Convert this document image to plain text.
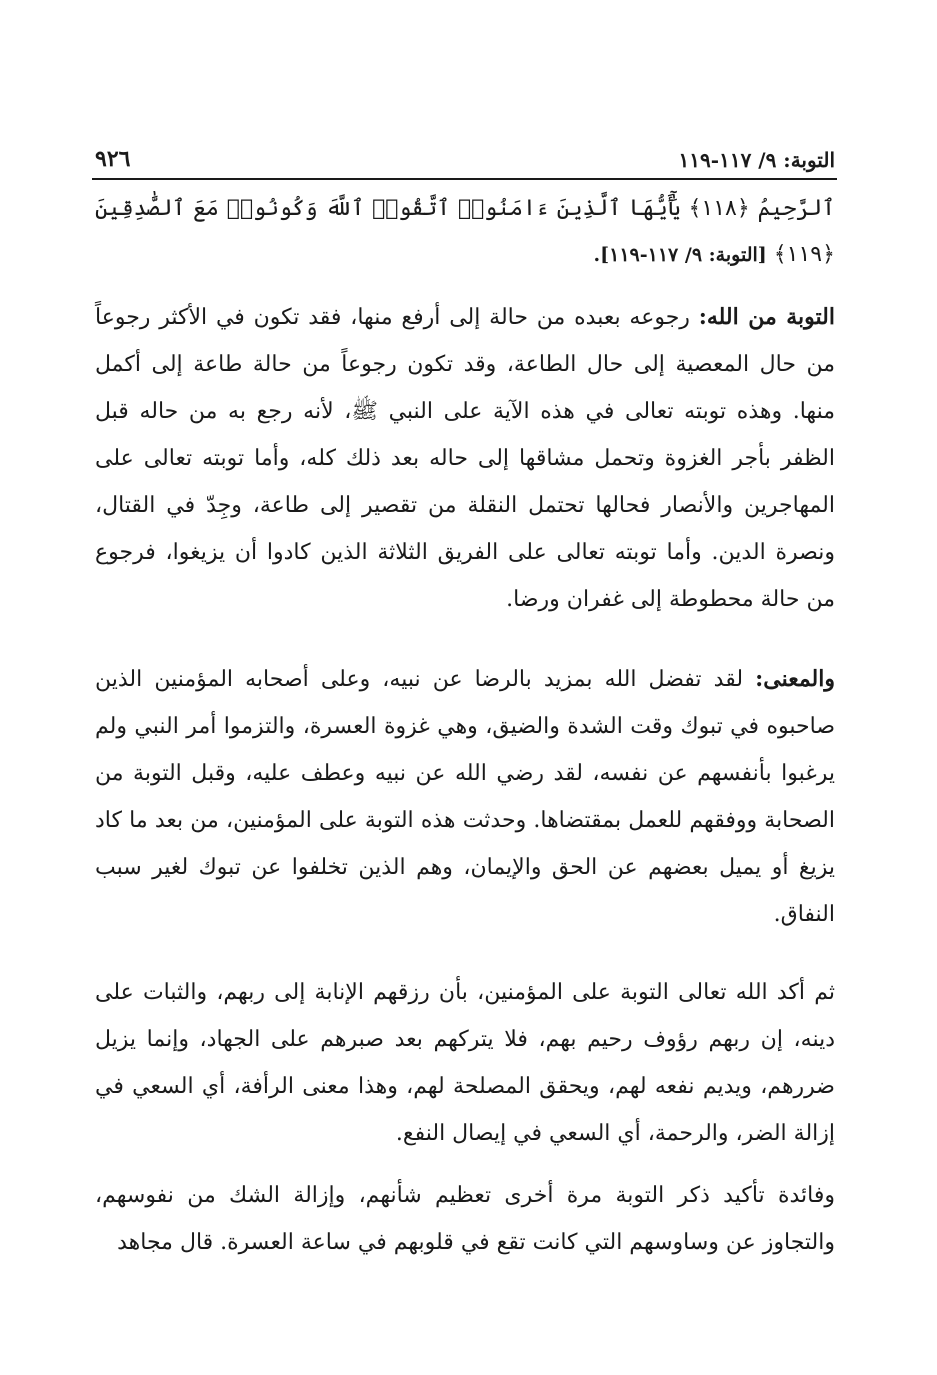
٩٢٦	التوبة: ٩/ ١١٧-١١٩
ٱلرَّحِيمُ ﴿١١٨﴾ يَٰٓأَيُّهَا ٱلَّذِينَ ءَامَنُوا۟ ٱتَّقُوا۟ ٱللَّهَ وَكُونُوا۟ مَعَ ٱلصَّٰدِقِينَ ﴿١١٩﴾ [التوبة: ٩/ ١١٧-١١٩].
التوبة من الله: رجوعه بعبده من حالة إلى أرفع منها، فقد تكون في الأكثر رجوعاً من حال المعصية إلى حال الطاعة، وقد تكون رجوعاً من حالة طاعة إلى أكمل منها. وهذه توبته تعالى في هذه الآية على النبي ﷺ، لأنه رجع به من حاله قبل الظفر بأجر الغزوة وتحمل مشاقها إلى حاله بعد ذلك كله، وأما توبته تعالى على المهاجرين والأنصار فحالها تحتمل النقلة من تقصير إلى طاعة، وجِدّ في القتال، ونصرة الدين. وأما توبته تعالى على الفريق الثلاثة الذين كادوا أن يزيغوا، فرجوع من حالة محطوطة إلى غفران ورضا.
والمعنى: لقد تفضل الله بمزيد بالرضا عن نبيه، وعلى أصحابه المؤمنين الذين صاحبوه في تبوك وقت الشدة والضيق، وهي غزوة العسرة، والتزموا أمر النبي ولم يرغبوا بأنفسهم عن نفسه، لقد رضي الله عن نبيه وعطف عليه، وقبل التوبة من الصحابة ووفقهم للعمل بمقتضاها. وحدثت هذه التوبة على المؤمنين، من بعد ما كاد يزيغ أو يميل بعضهم عن الحق والإيمان، وهم الذين تخلفوا عن تبوك لغير سبب النفاق.
ثم أكد الله تعالى التوبة على المؤمنين، بأن رزقهم الإنابة إلى ربهم، والثبات على دينه، إن ربهم رؤوف رحيم بهم، فلا يتركهم بعد صبرهم على الجهاد، وإنما يزيل ضررهم، ويديم نفعه لهم، ويحقق المصلحة لهم، وهذا معنى الرأفة، أي السعي في إزالة الضر، والرحمة، أي السعي في إيصال النفع.
وفائدة تأكيد ذكر التوبة مرة أخرى تعظيم شأنهم، وإزالة الشك من نفوسهم، والتجاوز عن وساوسهم التي كانت تقع في قلوبهم في ساعة العسرة. قال مجاهد
